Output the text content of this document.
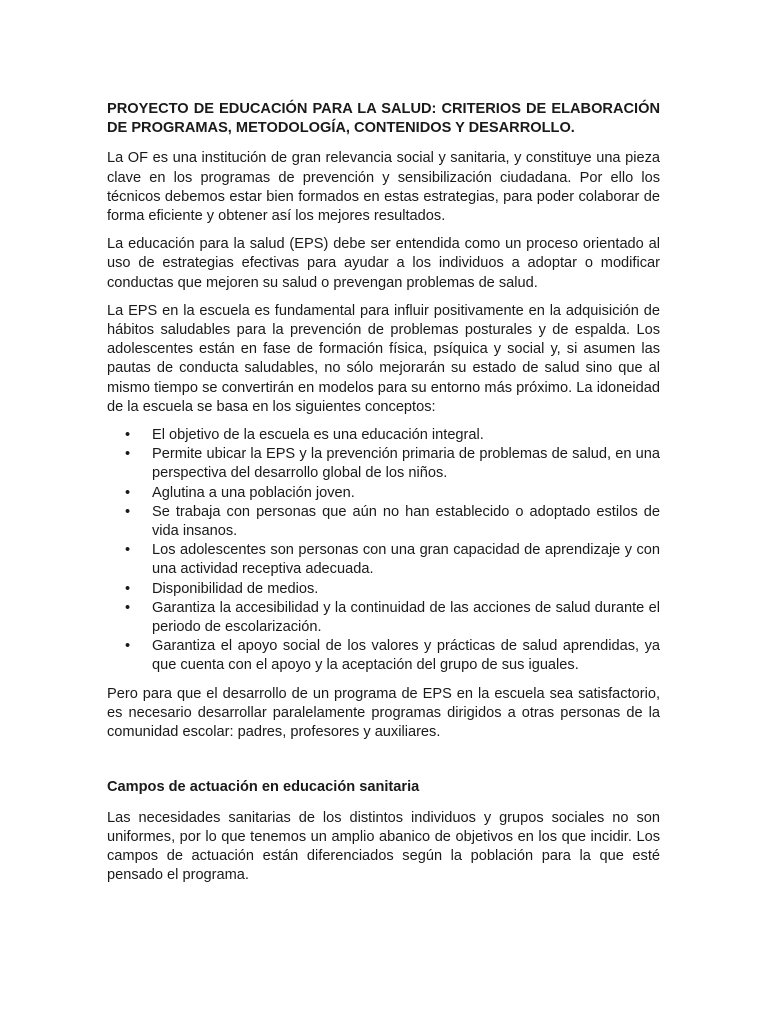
PROYECTO DE EDUCACIÓN PARA LA SALUD: CRITERIOS DE ELABORACIÓN DE PROGRAMAS, METODOLOGÍA, CONTENIDOS Y DESARROLLO.

La OF es una institución de gran relevancia social y sanitaria, y constituye una pieza clave en los programas de prevención y sensibilización ciudadana. Por ello los técnicos debemos estar bien formados en estas estrategias, para poder colaborar de forma eficiente y obtener así los mejores resultados.

La educación para la salud (EPS) debe ser entendida como un proceso orientado al uso de estrategias efectivas para ayudar a los individuos a adoptar o modificar conductas que mejoren su salud o prevengan problemas de salud.

La EPS en la escuela es fundamental para influir positivamente en la adquisición de hábitos saludables para la prevención de problemas posturales y de espalda. Los adolescentes están en fase de formación física, psíquica y social y, si asumen las pautas de conducta saludables, no sólo mejorarán su estado de salud sino que al mismo tiempo se convertirán en modelos para su entorno más próximo. La idoneidad de la escuela se basa en los siguientes conceptos:

• El objetivo de la escuela es una educación integral.
• Permite ubicar la EPS y la prevención primaria de problemas de salud, en una perspectiva del desarrollo global de los niños.
• Aglutina a una población joven.
• Se trabaja con personas que aún no han establecido o adoptado estilos de vida insanos.
• Los adolescentes son personas con una gran capacidad de aprendizaje y con una actividad receptiva adecuada.
• Disponibilidad de medios.
• Garantiza la accesibilidad y la continuidad de las acciones de salud durante el periodo de escolarización.
• Garantiza el apoyo social de los valores y prácticas de salud aprendidas, ya que cuenta con el apoyo y la aceptación del grupo de sus iguales.

Pero para que el desarrollo de un programa de EPS en la escuela sea satisfactorio, es necesario desarrollar paralelamente programas dirigidos a otras personas de la comunidad escolar: padres, profesores y auxiliares.

Campos de actuación en educación sanitaria

Las necesidades sanitarias de los distintos individuos y grupos sociales no son uniformes, por lo que tenemos un amplio abanico de objetivos en los que incidir. Los campos de actuación están diferenciados según la población para la que esté pensado el programa.
